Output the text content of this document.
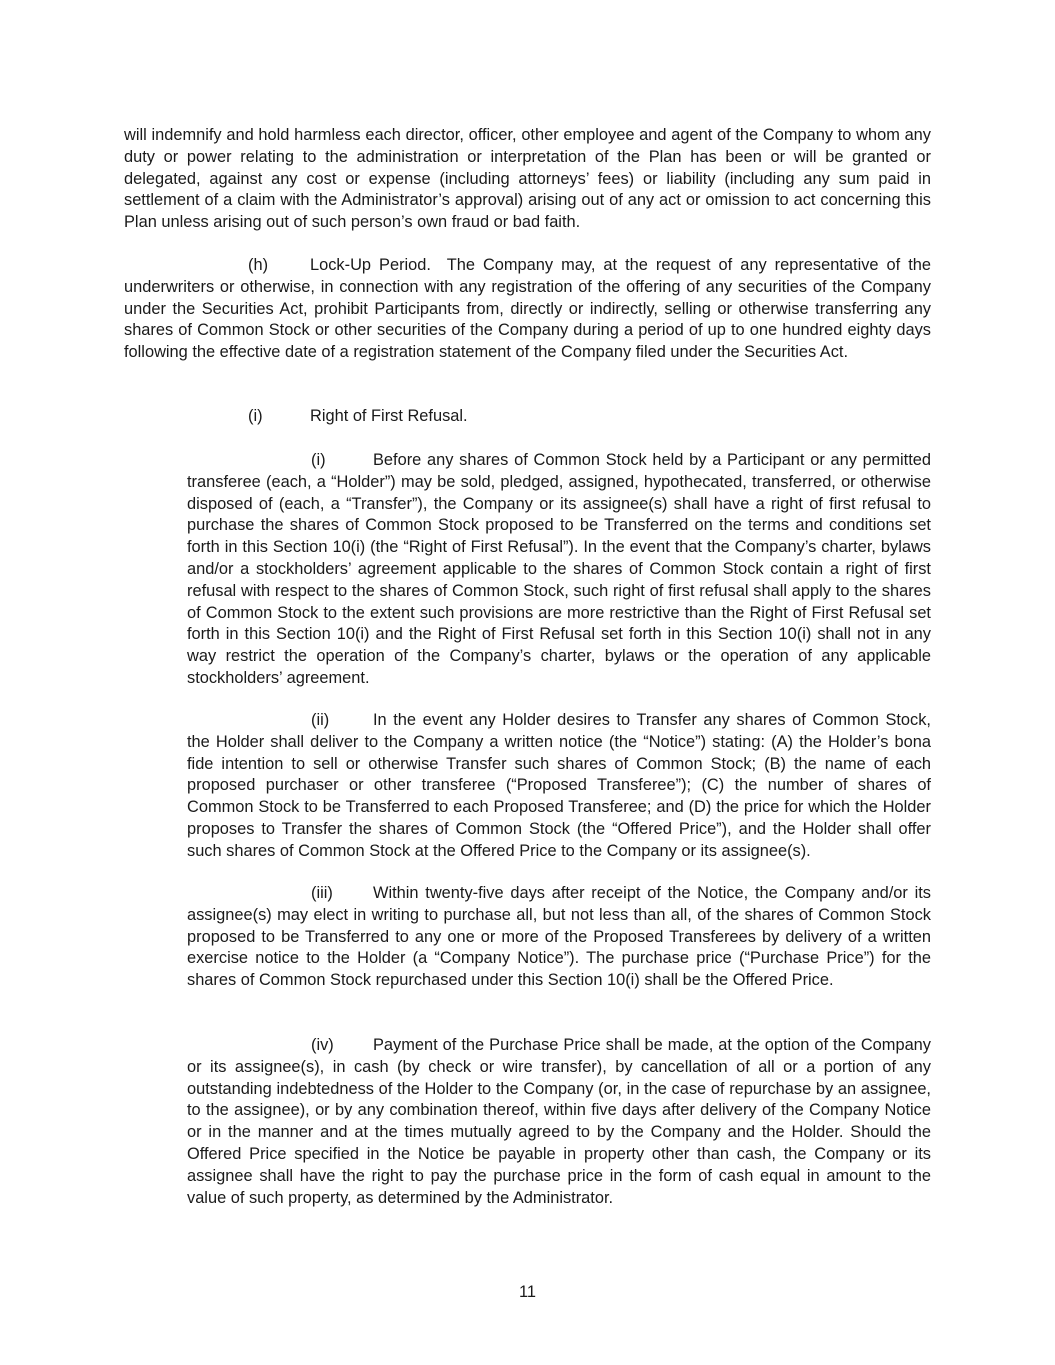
will indemnify and hold harmless each director, officer, other employee and agent of the Company to whom any duty or power relating to the administration or interpretation of the Plan has been or will be granted or delegated, against any cost or expense (including attorneys’ fees) or liability (including any sum paid in settlement of a claim with the Administrator’s approval) arising out of any act or omission to act concerning this Plan unless arising out of such person’s own fraud or bad faith.

(h)	Lock-Up Period. The Company may, at the request of any representative of the underwriters or otherwise, in connection with any registration of the offering of any securities of the Company under the Securities Act, prohibit Participants from, directly or indirectly, selling or otherwise transferring any shares of Common Stock or other securities of the Company during a period of up to one hundred eighty days following the effective date of a registration statement of the Company filed under the Securities Act.

(i)	Right of First Refusal.

(i)	Before any shares of Common Stock held by a Participant or any permitted transferee (each, a “Holder”) may be sold, pledged, assigned, hypothecated, transferred, or otherwise disposed of (each, a “Transfer”), the Company or its assignee(s) shall have a right of first refusal to purchase the shares of Common Stock proposed to be Transferred on the terms and conditions set forth in this Section 10(i) (the “Right of First Refusal”). In the event that the Company’s charter, bylaws and/or a stockholders’ agreement applicable to the shares of Common Stock contain a right of first refusal with respect to the shares of Common Stock, such right of first refusal shall apply to the shares of Common Stock to the extent such provisions are more restrictive than the Right of First Refusal set forth in this Section 10(i) and the Right of First Refusal set forth in this Section 10(i) shall not in any way restrict the operation of the Company’s charter, bylaws or the operation of any applicable stockholders’ agreement.

(ii)	In the event any Holder desires to Transfer any shares of Common Stock, the Holder shall deliver to the Company a written notice (the “Notice”) stating: (A) the Holder’s bona fide intention to sell or otherwise Transfer such shares of Common Stock; (B) the name of each proposed purchaser or other transferee (“Proposed Transferee”); (C) the number of shares of Common Stock to be Transferred to each Proposed Transferee; and (D) the price for which the Holder proposes to Transfer the shares of Common Stock (the “Offered Price”), and the Holder shall offer such shares of Common Stock at the Offered Price to the Company or its assignee(s).

(iii) Within twenty-five days after receipt of the Notice, the Company and/or its assignee(s) may elect in writing to purchase all, but not less than all, of the shares of Common Stock proposed to be Transferred to any one or more of the Proposed Transferees by delivery of a written exercise notice to the Holder (a “Company Notice”). The purchase price (“Purchase Price”) for the shares of Common Stock repurchased under this Section 10(i) shall be the Offered Price.

(iv) Payment of the Purchase Price shall be made, at the option of the Company or its assignee(s), in cash (by check or wire transfer), by cancellation of all or a portion of any outstanding indebtedness of the Holder to the Company (or, in the case of repurchase by an assignee, to the assignee), or by any combination thereof, within five days after delivery of the Company Notice or in the manner and at the times mutually agreed to by the Company and the Holder. Should the Offered Price specified in the Notice be payable in property other than cash, the Company or its assignee shall have the right to pay the purchase price in the form of cash equal in amount to the value of such property, as determined by the Administrator.

11
